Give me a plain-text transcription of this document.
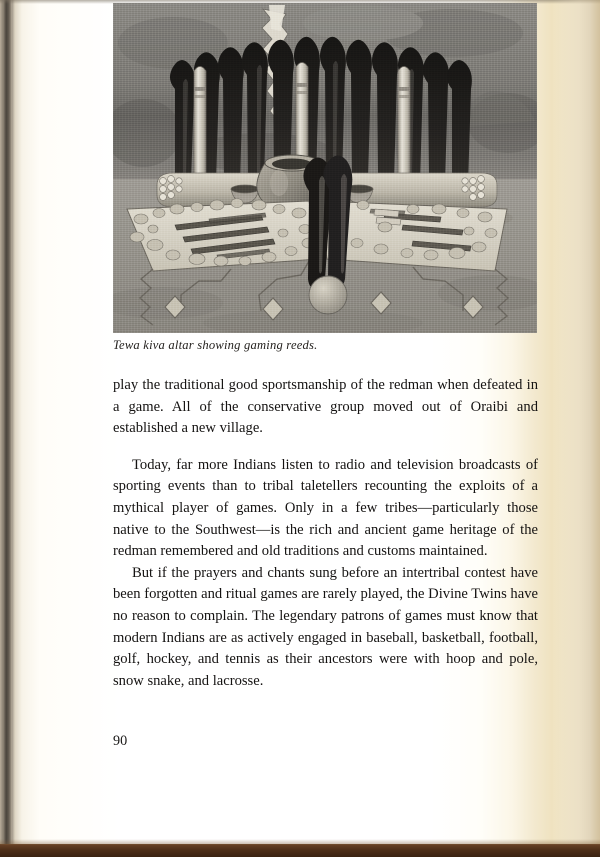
Tewa kiva altar showing gaming reeds.

play the traditional good sportsmanship of the redman when defeated in a game. All of the conservative group moved out of Oraibi and established a new village.

Today, far more Indians listen to radio and television broadcasts of sporting events than to tribal taletellers recounting the exploits of a mythical player of games. Only in a few tribes—particularly those native to the Southwest—is the rich and ancient game heritage of the redman remembered and old traditions and customs maintained.

But if the prayers and chants sung before an intertribal contest have been forgotten and ritual games are rarely played, the Divine Twins have no reason to complain. The legendary patrons of games must know that modern Indians are as actively engaged in baseball, basketball, football, golf, hockey, and tennis as their ancestors were with hoop and pole, snow snake, and lacrosse.

90
